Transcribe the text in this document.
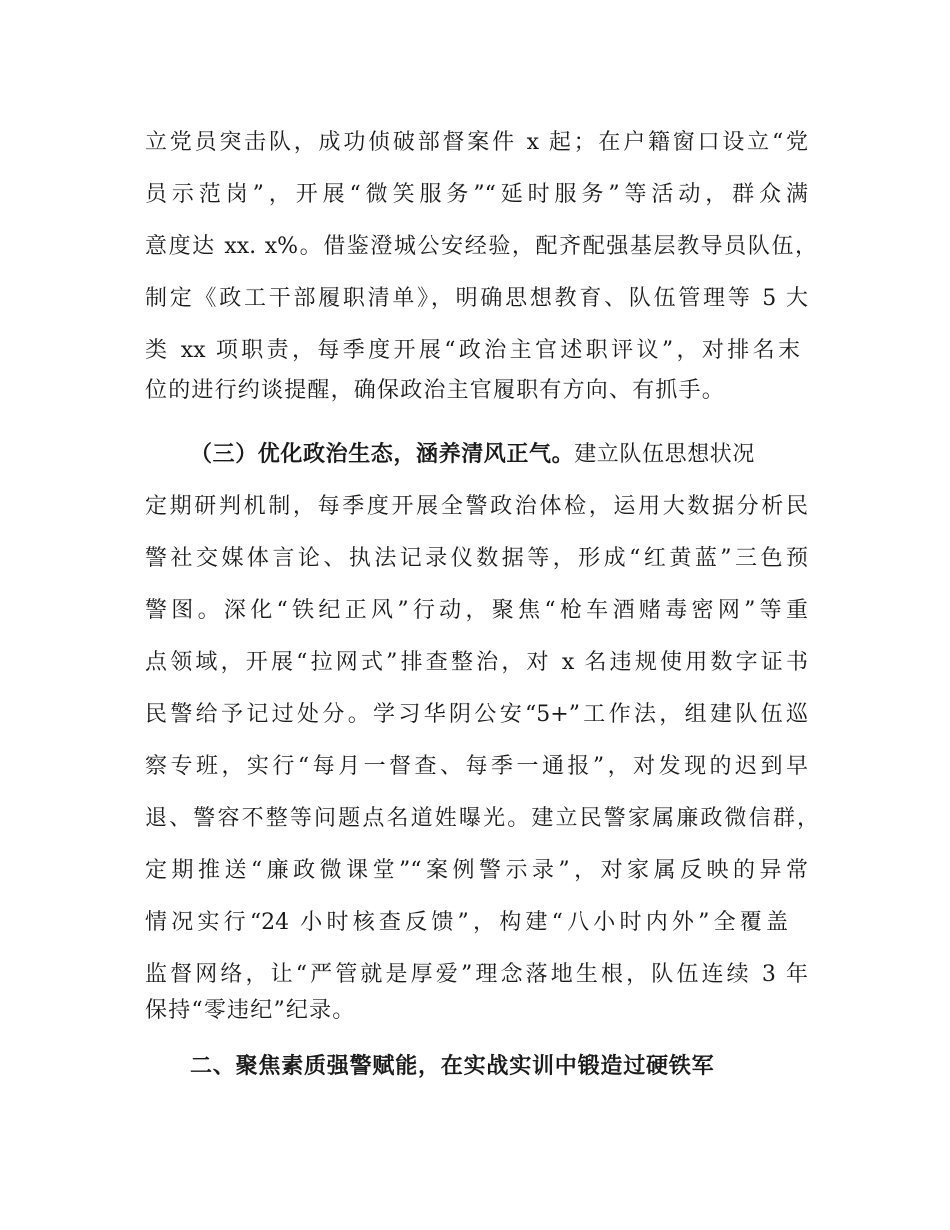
立党员突击队，成功侦破部督案件 x 起；在户籍窗口设立“党
员示范岗”，开展“微笑服务”“延时服务”等活动，群众满
意度达 xx. x%。借鉴澄城公安经验，配齐配强基层教导员队伍，
制定《政工干部履职清单》，明确思想教育、队伍管理等 5 大
类 xx 项职责，每季度开展“政治主官述职评议”，对排名末
位的进行约谈提醒，确保政治主官履职有方向、有抓手。
（三）优化政治生态，涵养清风正气。建立队伍思想状况
定期研判机制，每季度开展全警政治体检，运用大数据分析民
警社交媒体言论、执法记录仪数据等，形成“红黄蓝”三色预
警图。深化“铁纪正风”行动，聚焦“枪车酒赌毒密网”等重
点领域，开展“拉网式”排查整治，对 x 名违规使用数字证书
民警给予记过处分。学习华阴公安“5+”工作法，组建队伍巡
察专班，实行“每月一督查、每季一通报”，对发现的迟到早
退、警容不整等问题点名道姓曝光。建立民警家属廉政微信群，
定期推送“廉政微课堂”“案例警示录”，对家属反映的异常
情况实行“24 小时核查反馈”，构建“八小时内外”全覆盖
监督网络，让“严管就是厚爱”理念落地生根，队伍连续 3 年
保持“零违纪”纪录。
二、聚焦素质强警赋能，在实战实训中锻造过硬铁军
